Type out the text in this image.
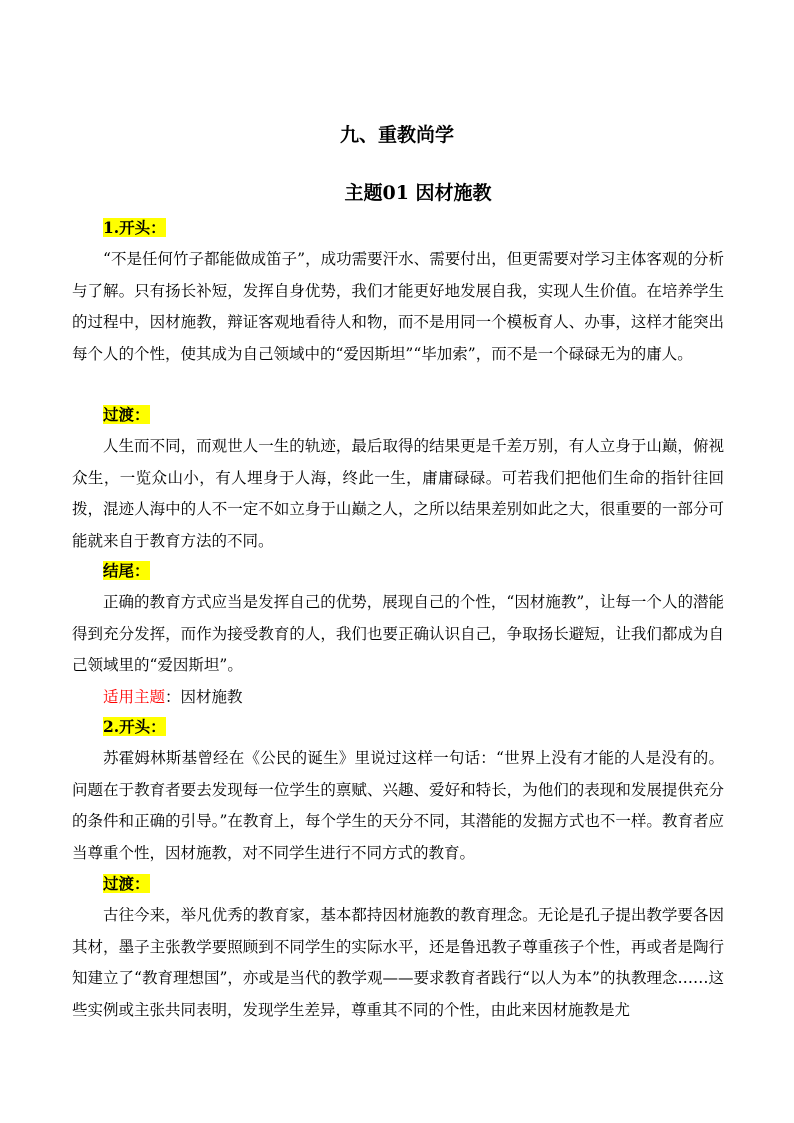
九、重教尚学
主题01 因材施教
1.开头：

“不是任何竹子都能做成笛子”，成功需要汗水、需要付出，但更需要对学习主体客观的分析与了解。只有扬长补短，发挥自身优势，我们才能更好地发展自我，实现人生价值。在培养学生的过程中，因材施教，辩证客观地看待人和物，而不是用同一个模板育人、办事，这样才能突出每个人的个性，使其成为自己领域中的“爱因斯坦”“毕加索”，而不是一个碌碌无为的庸人。

过渡：

人生而不同，而观世人一生的轨迹，最后取得的结果更是千差万别，有人立身于山巅，俯视众生，一览众山小，有人埋身于人海，终此一生，庸庸碌碌。可若我们把他们生命的指针往回拨，混迹人海中的人不一定不如立身于山巅之人，之所以结果差别如此之大，很重要的一部分可能就来自于教育方法的不同。

结尾：

正确的教育方式应当是发挥自己的优势，展现自己的个性，“因材施教”，让每一个人的潜能得到充分发挥，而作为接受教育的人，我们也要正确认识自己，争取扬长避短，让我们都成为自己领域里的“爱因斯坦”。

适用主题：因材施教
2.开头：

苏霍姆林斯基曾经在《公民的诞生》里说过这样一句话：“世界上没有才能的人是没有的。问题在于教育者要去发现每一位学生的禀赋、兴趣、爱好和特长，为他们的表现和发展提供充分的条件和正确的引导。”在教育上，每个学生的天分不同，其潜能的发掘方式也不一样。教育者应当尊重个性，因材施教，对不同学生进行不同方式的教育。

过渡：

古往今来，举凡优秀的教育家，基本都持因材施教的教育理念。无论是孔子提出教学要各因其材，墨子主张教学要照顾到不同学生的实际水平，还是鲁迅教子尊重孩子个性，再或者是陶行知建立了“教育理想国”，亦或是当代的教学观——要求教育者践行“以人为本”的执教理念……这些实例或主张共同表明，发现学生差异，尊重其不同的个性，由此来因材施教是尤
